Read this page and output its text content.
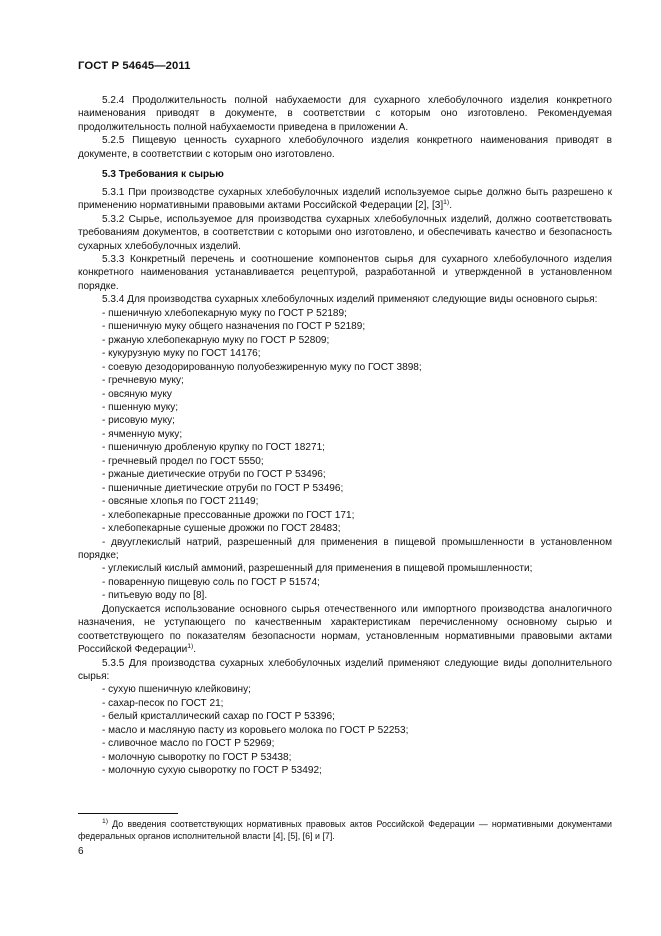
ГОСТ Р 54645—2011

5.2.4 Продолжительность полной набухаемости для сухарного хлебобулочного изделия конкретного наименования приводят в документе, в соответствии с которым оно изготовлено. Рекомендуемая продолжительность полной набухаемости приведена в приложении А.

5.2.5 Пищевую ценность сухарного хлебобулочного изделия конкретного наименования приводят в документе, в соответствии с которым оно изготовлено.

5.3 Требования к сырью

5.3.1 При производстве сухарных хлебобулочных изделий используемое сырье должно быть разрешено к применению нормативными правовыми актами Российской Федерации [2], $[3]^{1)}$.

5.3.2 Сырье, используемое для производства сухарных хлебобулочных изделий, должно соответствовать требованиям документов, в соответствии с которыми оно изготовлено, и обеспечивать качество и безопасность сухарных хлебобулочных изделий.

5.3.3 Конкретный перечень и соотношение компонентов сырья для сухарного хлебобулочного изделия конкретного наименования устанавливается рецептурой, разработанной и утвержденной в установленном порядке.

5.3.4 Для производства сухарных хлебобулочных изделий применяют следующие виды основного сырья:

- пшеничную хлебопекарную муку по ГОСТ Р 52189;

- пшеничную муку общего назначения по ГОСТ Р 52189;

- ржаную хлебопекарную муку по ГОСТ Р 52809;

- кукурузную муку по ГОСТ 14176;

- соевую дезодорированную полуобезжиренную муку по ГОСТ 3898;

- гречневую муку;

- овсяную муку

- пшенную муку;

- рисовую муку;

- ячменную муку;

- пшеничную дробленую крупку по ГОСТ 18271;

- гречневый продел по ГОСТ 5550;

- ржаные диетические отруби по ГОСТ Р 53496;

- пшеничные диетические отруби по ГОСТ Р 53496;

- овсяные хлопья по ГОСТ 21149;

- хлебопекарные прессованные дрожжи по ГОСТ 171;

- хлебопекарные сушеные дрожжи по ГОСТ 28483;

- двууглекислый натрий, разрешенный для применения в пищевой промышленности в установленном порядке;

- углекислый кислый аммоний, разрешенный для применения в пищевой промышленности;

- поваренную пищевую соль по ГОСТ Р 51574;

- питьевую воду по [8].

Допускается использование основного сырья отечественного или импортного производства аналогичного назначения, не уступающего по качественным характеристикам перечисленному основному сырью и соответствующего по показателям безопасности нормам, установленным нормативными правовыми актами Российской Федерации$^{1)}$.

5.3.5 Для производства сухарных хлебобулочных изделий применяют следующие виды дополнительного сырья:

- сухую пшеничную клейковину;

- сахар-песок по ГОСТ 21;

- белый кристаллический сахар по ГОСТ Р 53396;

- масло и масляную пасту из коровьего молока по ГОСТ Р 52253;

- сливочное масло по ГОСТ Р 52969;

- молочную сыворотку по ГОСТ Р 53438;

- молочную сухую сыворотку по ГОСТ Р 53492;

$^{1)}$ До введения соответствующих нормативных правовых актов Российской Федерации — нормативными документами федеральных органов исполнительной власти [4], [5], [6] и [7].
6
